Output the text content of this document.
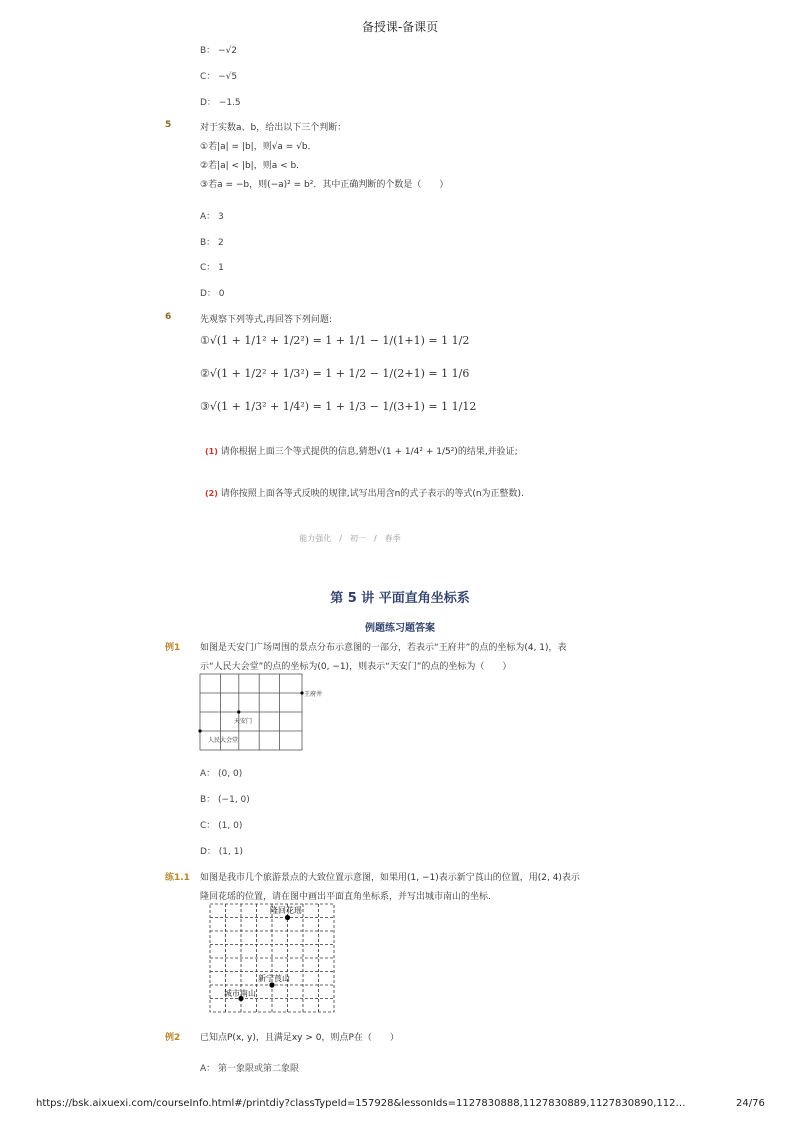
备授课-备课页
B： −√2
C： −√5
D： −1.5
5	对于实数a、b，给出以下三个判断：
①若|a| = |b|，则√a = √b．
②若|a| < |b|，则a < b．
③若a = −b，则(−a)² = b²．其中正确判断的个数是（　　）
A： 3
B： 2
C： 1
D： 0
6	先观察下列等式,再回答下列问题:
①√(1 + 1/1² + 1/2²) = 1 + 1/1 − 1/(1+1) = 1 1/2
②√(1 + 1/2² + 1/3²) = 1 + 1/2 − 1/(2+1) = 1 1/6
③√(1 + 1/3² + 1/4²) = 1 + 1/3 − 1/(3+1) = 1 1/12
(1) 请你根据上面三个等式提供的信息,猜想√(1 + 1/4² + 1/5²)的结果,并验证;
(2) 请你按照上面各等式反映的规律,试写出用含n的式子表示的等式(n为正整数).
能力强化　/　初一　/　春季
第 5 讲 平面直角坐标系
例题练习题答案
例1 如图是天安门广场周围的景点分布示意图的一部分，若表示“王府井”的点的坐标为(4, 1)，表
示“人民大会堂”的点的坐标为(0, −1)，则表示“天安门”的点的坐标为（　　）
王府井
天安门
人民大会堂
A： (0, 0)
B： (−1, 0)
C： (1, 0)
D： (1, 1)
练1.1 如图是我市几个旅游景点的大致位置示意图，如果用(1, −1)表示新宁莨山的位置，用(2, 4)表示
隆回花瑶的位置，请在图中画出平面直角坐标系，并写出城市南山的坐标．
隆回花瑶
新宁莨山
城市南山
例2 已知点P(x, y)，且满足xy > 0，则点P在（　　）
A： 第一象限或第二象限
https://bsk.aixuexi.com/courseInfo.html#/printdiy?classTypeId=157928&lessonIds=1127830888,1127830889,1127830890,112…	24/76
